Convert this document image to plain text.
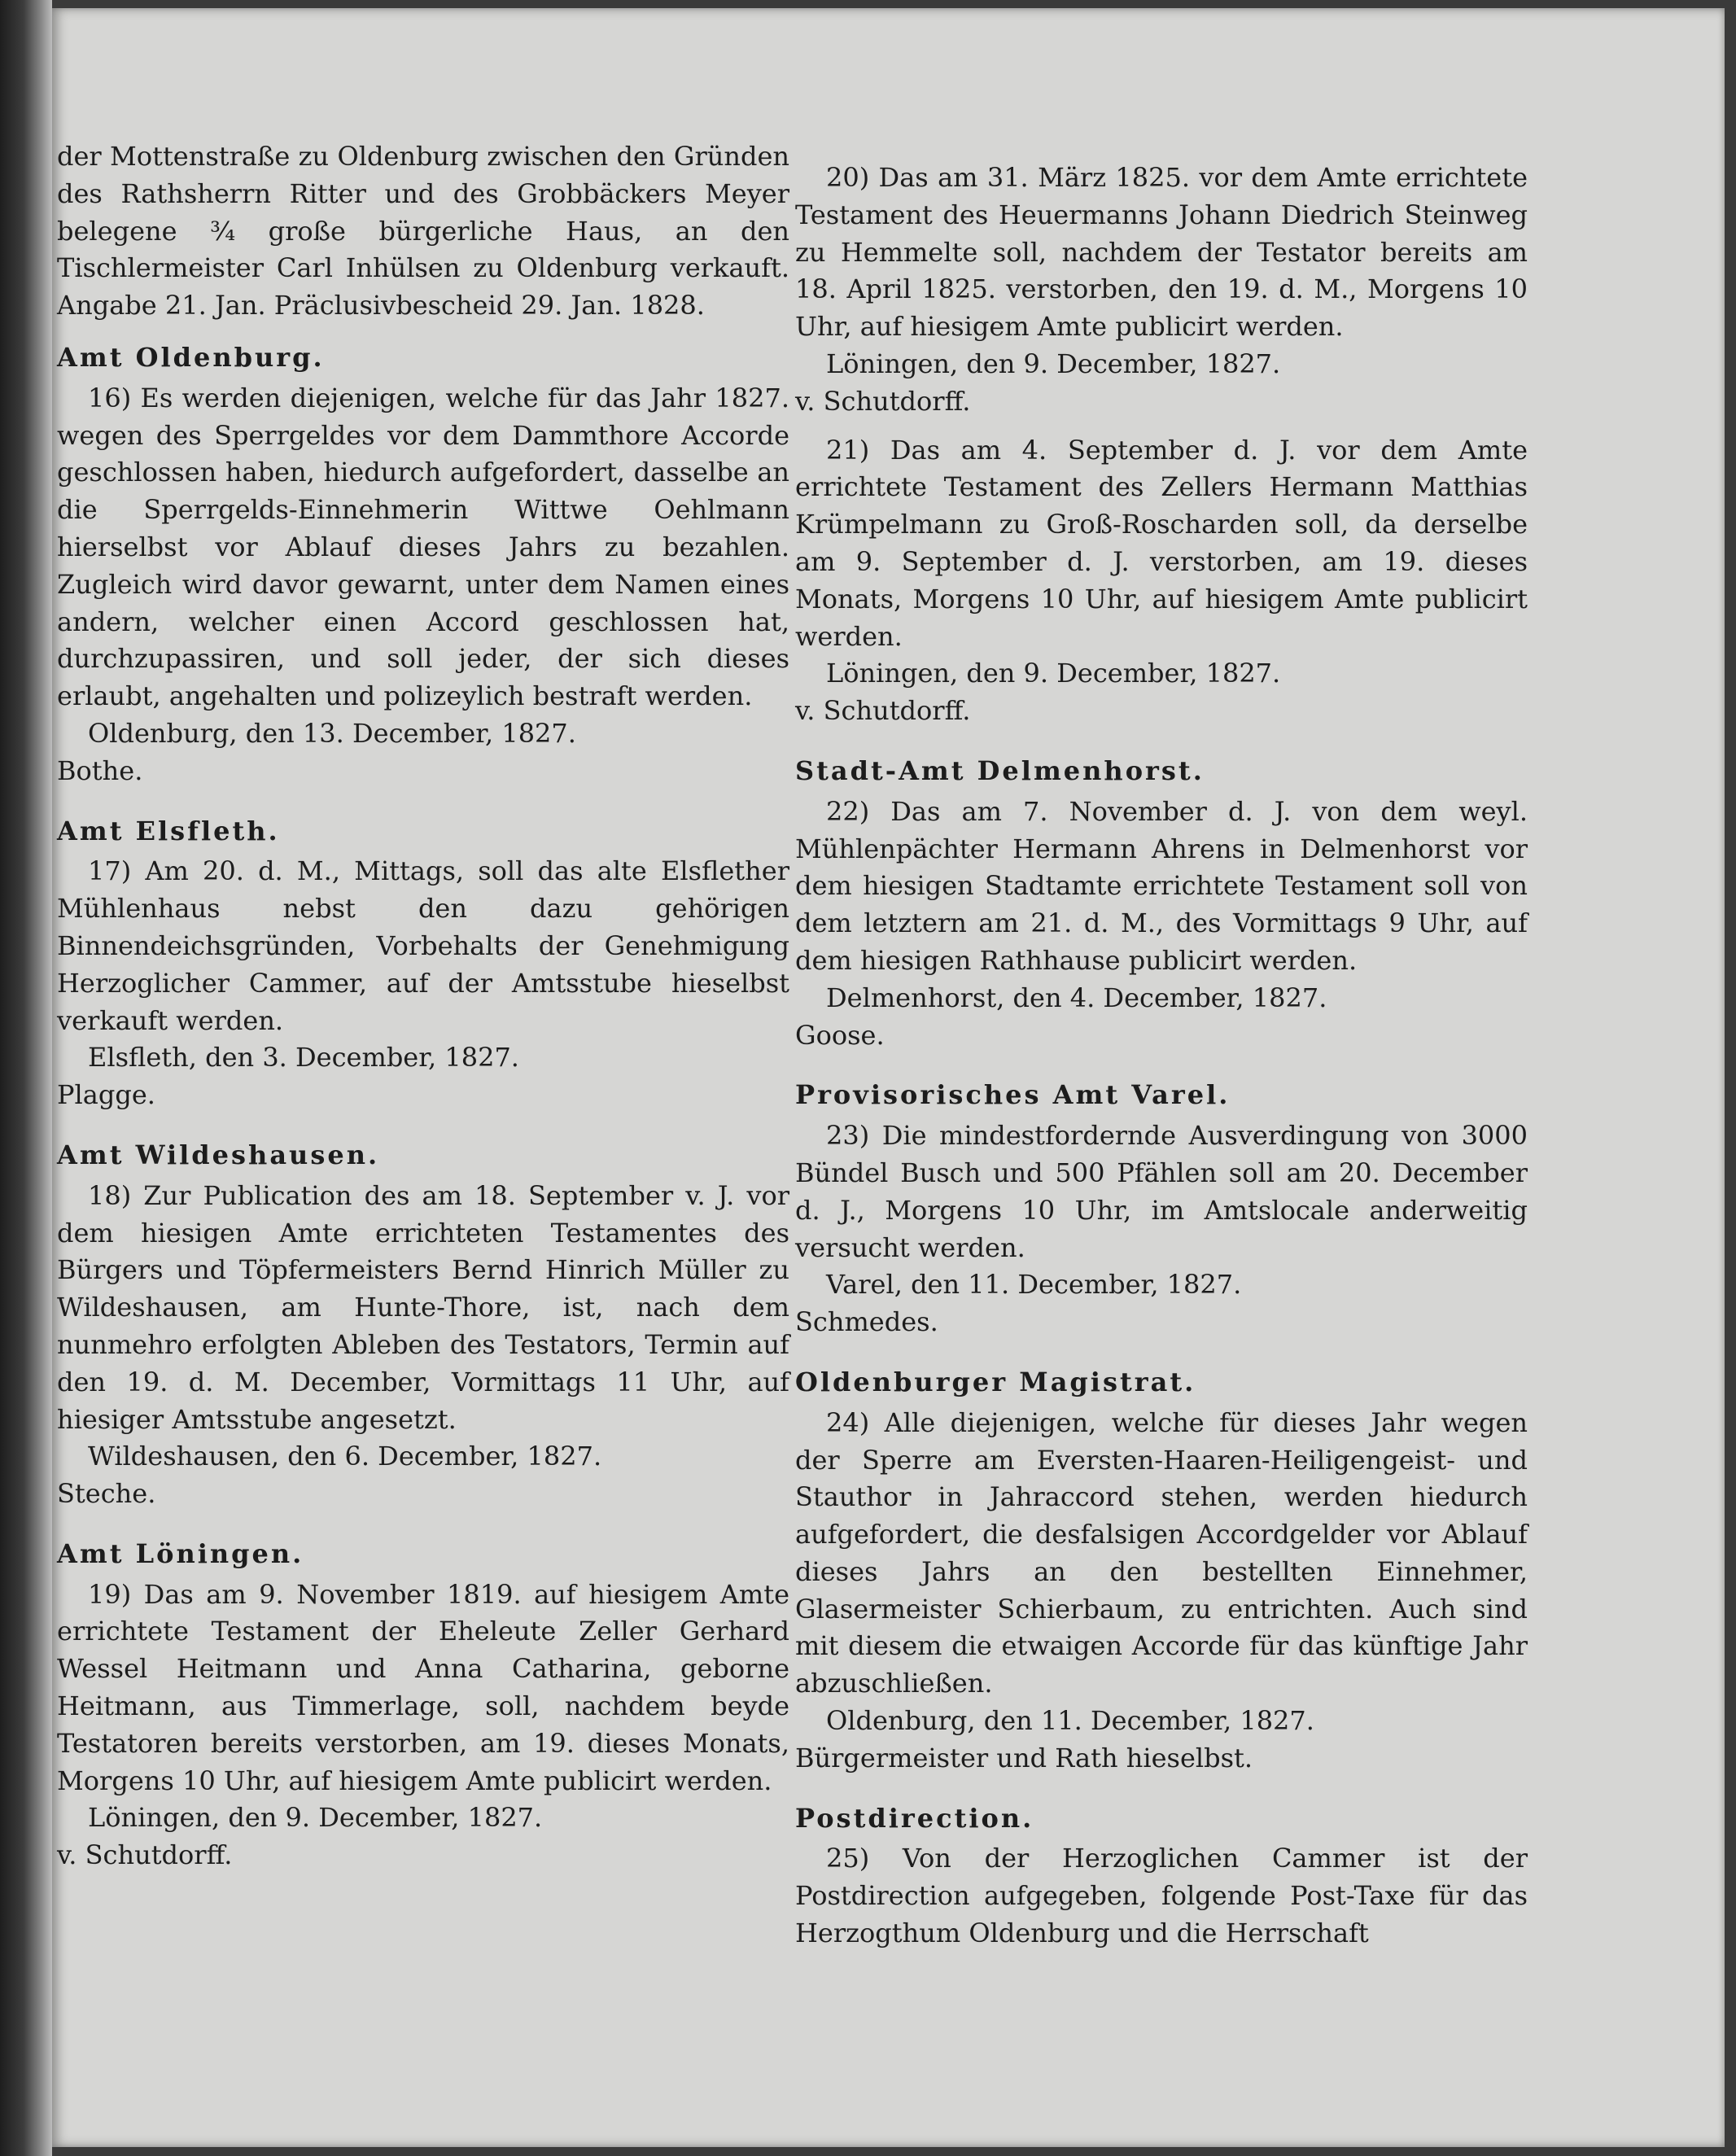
der Mottenstraße zu Oldenburg zwischen den Gründen des Rathsherrn Ritter und des Grobbäckers Meyer belegene ¾ große bürgerliche Haus, an den Tischlermeister Carl Inhülsen zu Oldenburg verkauft. Angabe 21. Jan. Präclusivbescheid 29. Jan. 1828.

Amt Oldenburg.

16) Es werden diejenigen, welche für das Jahr 1827. wegen des Sperrgeldes vor dem Dammthore Accorde geschlossen haben, hiedurch aufgefordert, dasselbe an die Sperrgelds-Einnehmerin Wittwe Oehlmann hierselbst vor Ablauf dieses Jahrs zu bezahlen. Zugleich wird davor gewarnt, unter dem Namen eines andern, welcher einen Accord geschlossen hat, durchzupassiren, und soll jeder, der sich dieses erlaubt, angehalten und polizeylich bestraft werden.

Oldenburg, den 13. December, 1827.

Bothe.

Amt Elsfleth.

17) Am 20. d. M., Mittags, soll das alte Elsflether Mühlenhaus nebst den dazu gehörigen Binnendeichsgründen, Vorbehalts der Genehmigung Herzoglicher Cammer, auf der Amtsstube hieselbst verkauft werden.

Elsfleth, den 3. December, 1827.

Plagge.

Amt Wildeshausen.

18) Zur Publication des am 18. September v. J. vor dem hiesigen Amte errichteten Testamentes des Bürgers und Töpfermeisters Bernd Hinrich Müller zu Wildeshausen, am Hunte-Thore, ist, nach dem nunmehro erfolgten Ableben des Testators, Termin auf den 19. d. M. December, Vormittags 11 Uhr, auf hiesiger Amtsstube angesetzt.

Wildeshausen, den 6. December, 1827.

Steche.

Amt Löningen.

19) Das am 9. November 1819. auf hiesigem Amte errichtete Testament der Eheleute Zeller Gerhard Wessel Heitmann und Anna Catharina, geborne Heitmann, aus Timmerlage, soll, nachdem beyde Testatoren bereits verstorben, am 19. dieses Monats, Morgens 10 Uhr, auf hiesigem Amte publicirt werden.

Löningen, den 9. December, 1827.

v. Schutdorff.

20) Das am 31. März 1825. vor dem Amte errichtete Testament des Heuermanns Johann Diedrich Steinweg zu Hemmelte soll, nachdem der Testator bereits am 18. April 1825. verstorben, den 19. d. M., Morgens 10 Uhr, auf hiesigem Amte publicirt werden.

Löningen, den 9. December, 1827.

v. Schutdorff.

21) Das am 4. September d. J. vor dem Amte errichtete Testament des Zellers Hermann Matthias Krümpelmann zu Groß-Roscharden soll, da derselbe am 9. September d. J. verstorben, am 19. dieses Monats, Morgens 10 Uhr, auf hiesigem Amte publicirt werden.

Löningen, den 9. December, 1827.

v. Schutdorff.

Stadt-Amt Delmenhorst.

22) Das am 7. November d. J. von dem weyl. Mühlenpächter Hermann Ahrens in Delmenhorst vor dem hiesigen Stadtamte errichtete Testament soll von dem letztern am 21. d. M., des Vormittags 9 Uhr, auf dem hiesigen Rathhause publicirt werden.

Delmenhorst, den 4. December, 1827.

Goose.

Provisorisches Amt Varel.

23) Die mindestfordernde Ausverdingung von 3000 Bündel Busch und 500 Pfählen soll am 20. December d. J., Morgens 10 Uhr, im Amtslocale anderweitig versucht werden.

Varel, den 11. December, 1827.

Schmedes.

Oldenburger Magistrat.

24) Alle diejenigen, welche für dieses Jahr wegen der Sperre am Eversten-Haaren-Heiligengeist- und Stauthor in Jahraccord stehen, werden hiedurch aufgefordert, die desfalsigen Accordgelder vor Ablauf dieses Jahrs an den bestellten Einnehmer, Glasermeister Schierbaum, zu entrichten. Auch sind mit diesem die etwaigen Accorde für das künftige Jahr abzuschließen.

Oldenburg, den 11. December, 1827.

Bürgermeister und Rath hieselbst.

Postdirection.

25) Von der Herzoglichen Cammer ist der Postdirection aufgegeben, folgende Post-Taxe für das Herzogthum Oldenburg und die Herrschaft
